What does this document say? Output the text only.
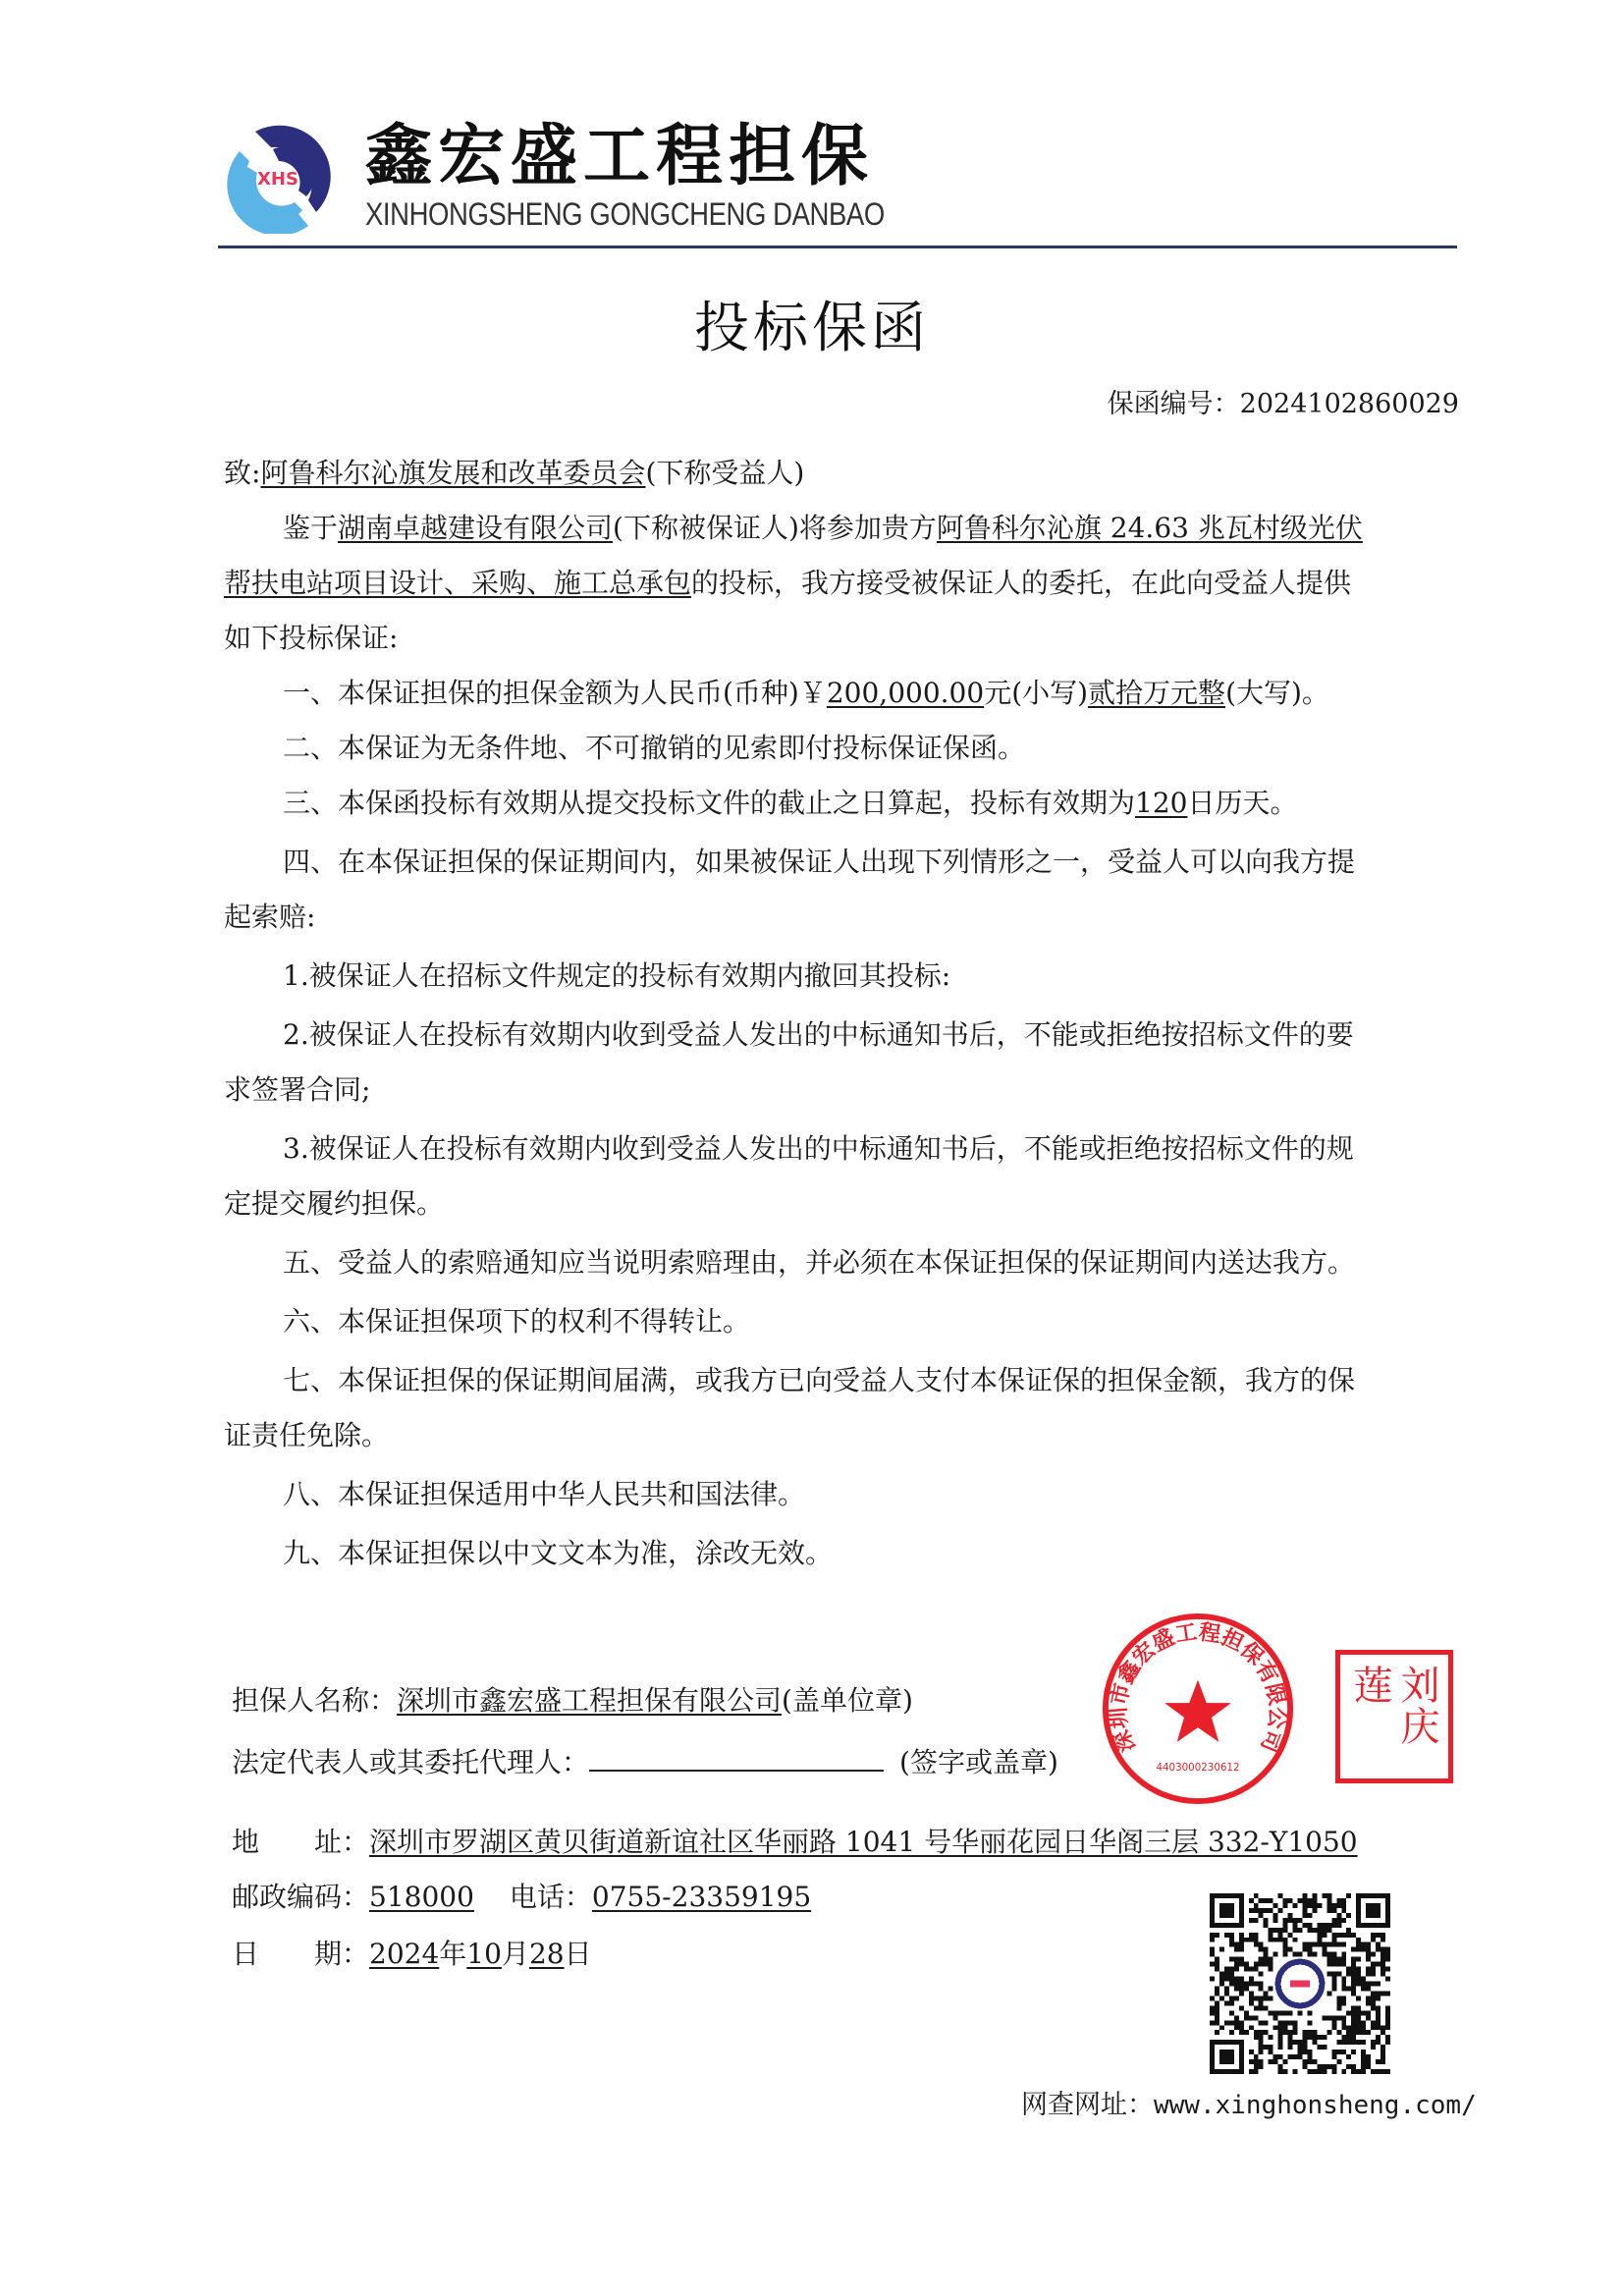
XHS 鑫宏盛工程担保
XINHONGSHENG GONGCHENG DANBAO
投标保函
保函编号：2024102860029
致:阿鲁科尔沁旗发展和改革委员会(下称受益人)
鉴于湖南卓越建设有限公司(下称被保证人)将参加贵方阿鲁科尔沁旗 24.63 兆瓦村级光伏
帮扶电站项目设计、采购、施工总承包的投标，我方接受被保证人的委托，在此向受益人提供
如下投标保证:
一、本保证担保的担保金额为人民币(币种)￥200,000.00元(小写)贰拾万元整(大写)。
二、本保证为无条件地、不可撤销的见索即付投标保证保函。
三、本保函投标有效期从提交投标文件的截止之日算起，投标有效期为120日历天。
四、在本保证担保的保证期间内，如果被保证人出现下列情形之一，受益人可以向我方提
起索赔:
1.被保证人在招标文件规定的投标有效期内撤回其投标:
2.被保证人在投标有效期内收到受益人发出的中标通知书后，不能或拒绝按招标文件的要
求签署合同;
3.被保证人在投标有效期内收到受益人发出的中标通知书后，不能或拒绝按招标文件的规
定提交履约担保。
五、受益人的索赔通知应当说明索赔理由，并必须在本保证担保的保证期间内送达我方。
六、本保证担保项下的权利不得转让。
七、本保证担保的保证期间届满，或我方已向受益人支付本保证保的担保金额，我方的保
证责任免除。
八、本保证担保适用中华人民共和国法律。
九、本保证担保以中文文本为准，涂改无效。
深圳市鑫宏盛工程担保有限公司
4403000230612
刘庆莲
担保人名称：深圳市鑫宏盛工程担保有限公司(盖单位章)
法定代表人或其委托代理人：	(签字或盖章)
地　　址：深圳市罗湖区黄贝街道新谊社区华丽路 1041 号华丽花园日华阁三层 332-Y1050
邮政编码：518000 电话：0755-23359195
日　　期：2024年10月28日
网查网址：www.xinghonsheng.com/
